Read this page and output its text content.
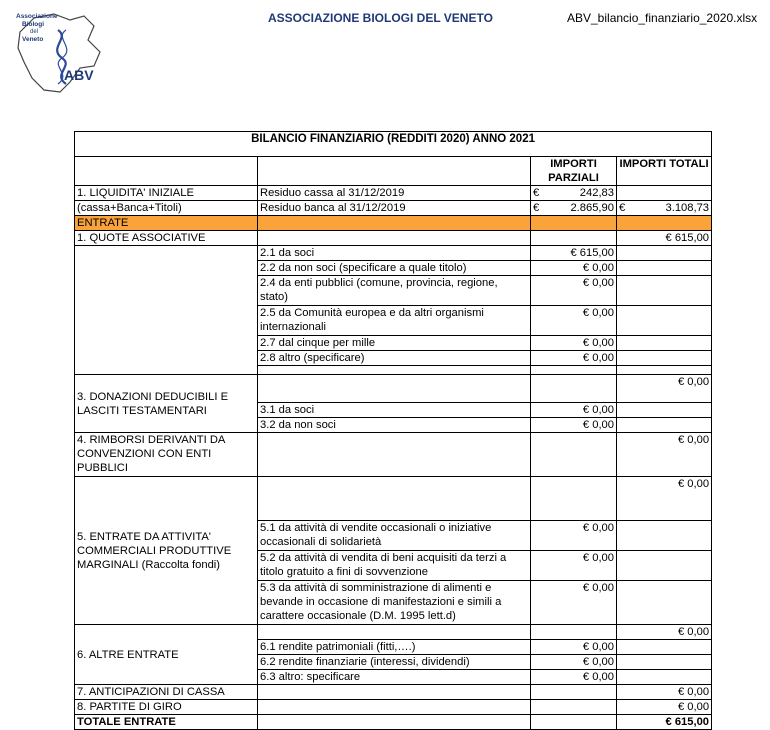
Associazione
Biologi
del
Veneto
ABV
ASSOCIAZIONE BIOLOGI DEL VENETO	ABV_bilancio_finanziario_2020.xlsx
BILANCIO FINANZIARIO (REDDITI 2020) ANNO 2021			
		IMPORTI PARZIALI	IMPORTI TOTALI
1. LIQUIDITA' INIZIALE	Residuo cassa al 31/12/2019	€ 242,83	
(cassa+Banca+Titoli)	Residuo banca al 31/12/2019	€ 2.865,90	€ 3.108,73
ENTRATE			
1. QUOTE ASSOCIATIVE			€ 615,00
	2.1 da soci	€ 615,00	
	2.2 da non soci (specificare a quale titolo)	€ 0,00	
	2.4 da enti pubblici (comune, provincia, regione, stato)	€ 0,00	
	2.5 da Comunità europea e da altri organismi internazionali	€ 0,00	
	2.7 dal cinque per mille	€ 0,00	
	2.8 altro (specificare)	€ 0,00	

3. DONAZIONI DEDUCIBILI E LASCITI TESTAMENTARI			€ 0,00
	3.1 da soci	€ 0,00	
	3.2 da non soci	€ 0,00	
4. RIMBORSI DERIVANTI DA CONVENZIONI CON ENTI PUBBLICI			€ 0,00
5. ENTRATE DA ATTIVITA' COMMERCIALI PRODUTTIVE MARGINALI (Raccolta fondi)			€ 0,00
	5.1 da attività di vendite occasionali o iniziative occasionali di solidarietà	€ 0,00	
	5.2 da attività di vendita di beni acquisiti da terzi a titolo gratuito a fini di sovvenzione	€ 0,00	
	5.3 da attività di somministrazione di alimenti e bevande in occasione di manifestazioni e simili a carattere occasionale (D.M. 1995 lett.d)	€ 0,00	
6. ALTRE ENTRATE			€ 0,00
	6.1 rendite patrimoniali (fitti,….)	€ 0,00	
	6.2 rendite finanziarie (interessi, dividendi)	€ 0,00	
	6.3 altro: specificare	€ 0,00	
7. ANTICIPAZIONI DI CASSA			€ 0,00
8. PARTITE DI GIRO			€ 0,00
TOTALE ENTRATE			€ 615,00
